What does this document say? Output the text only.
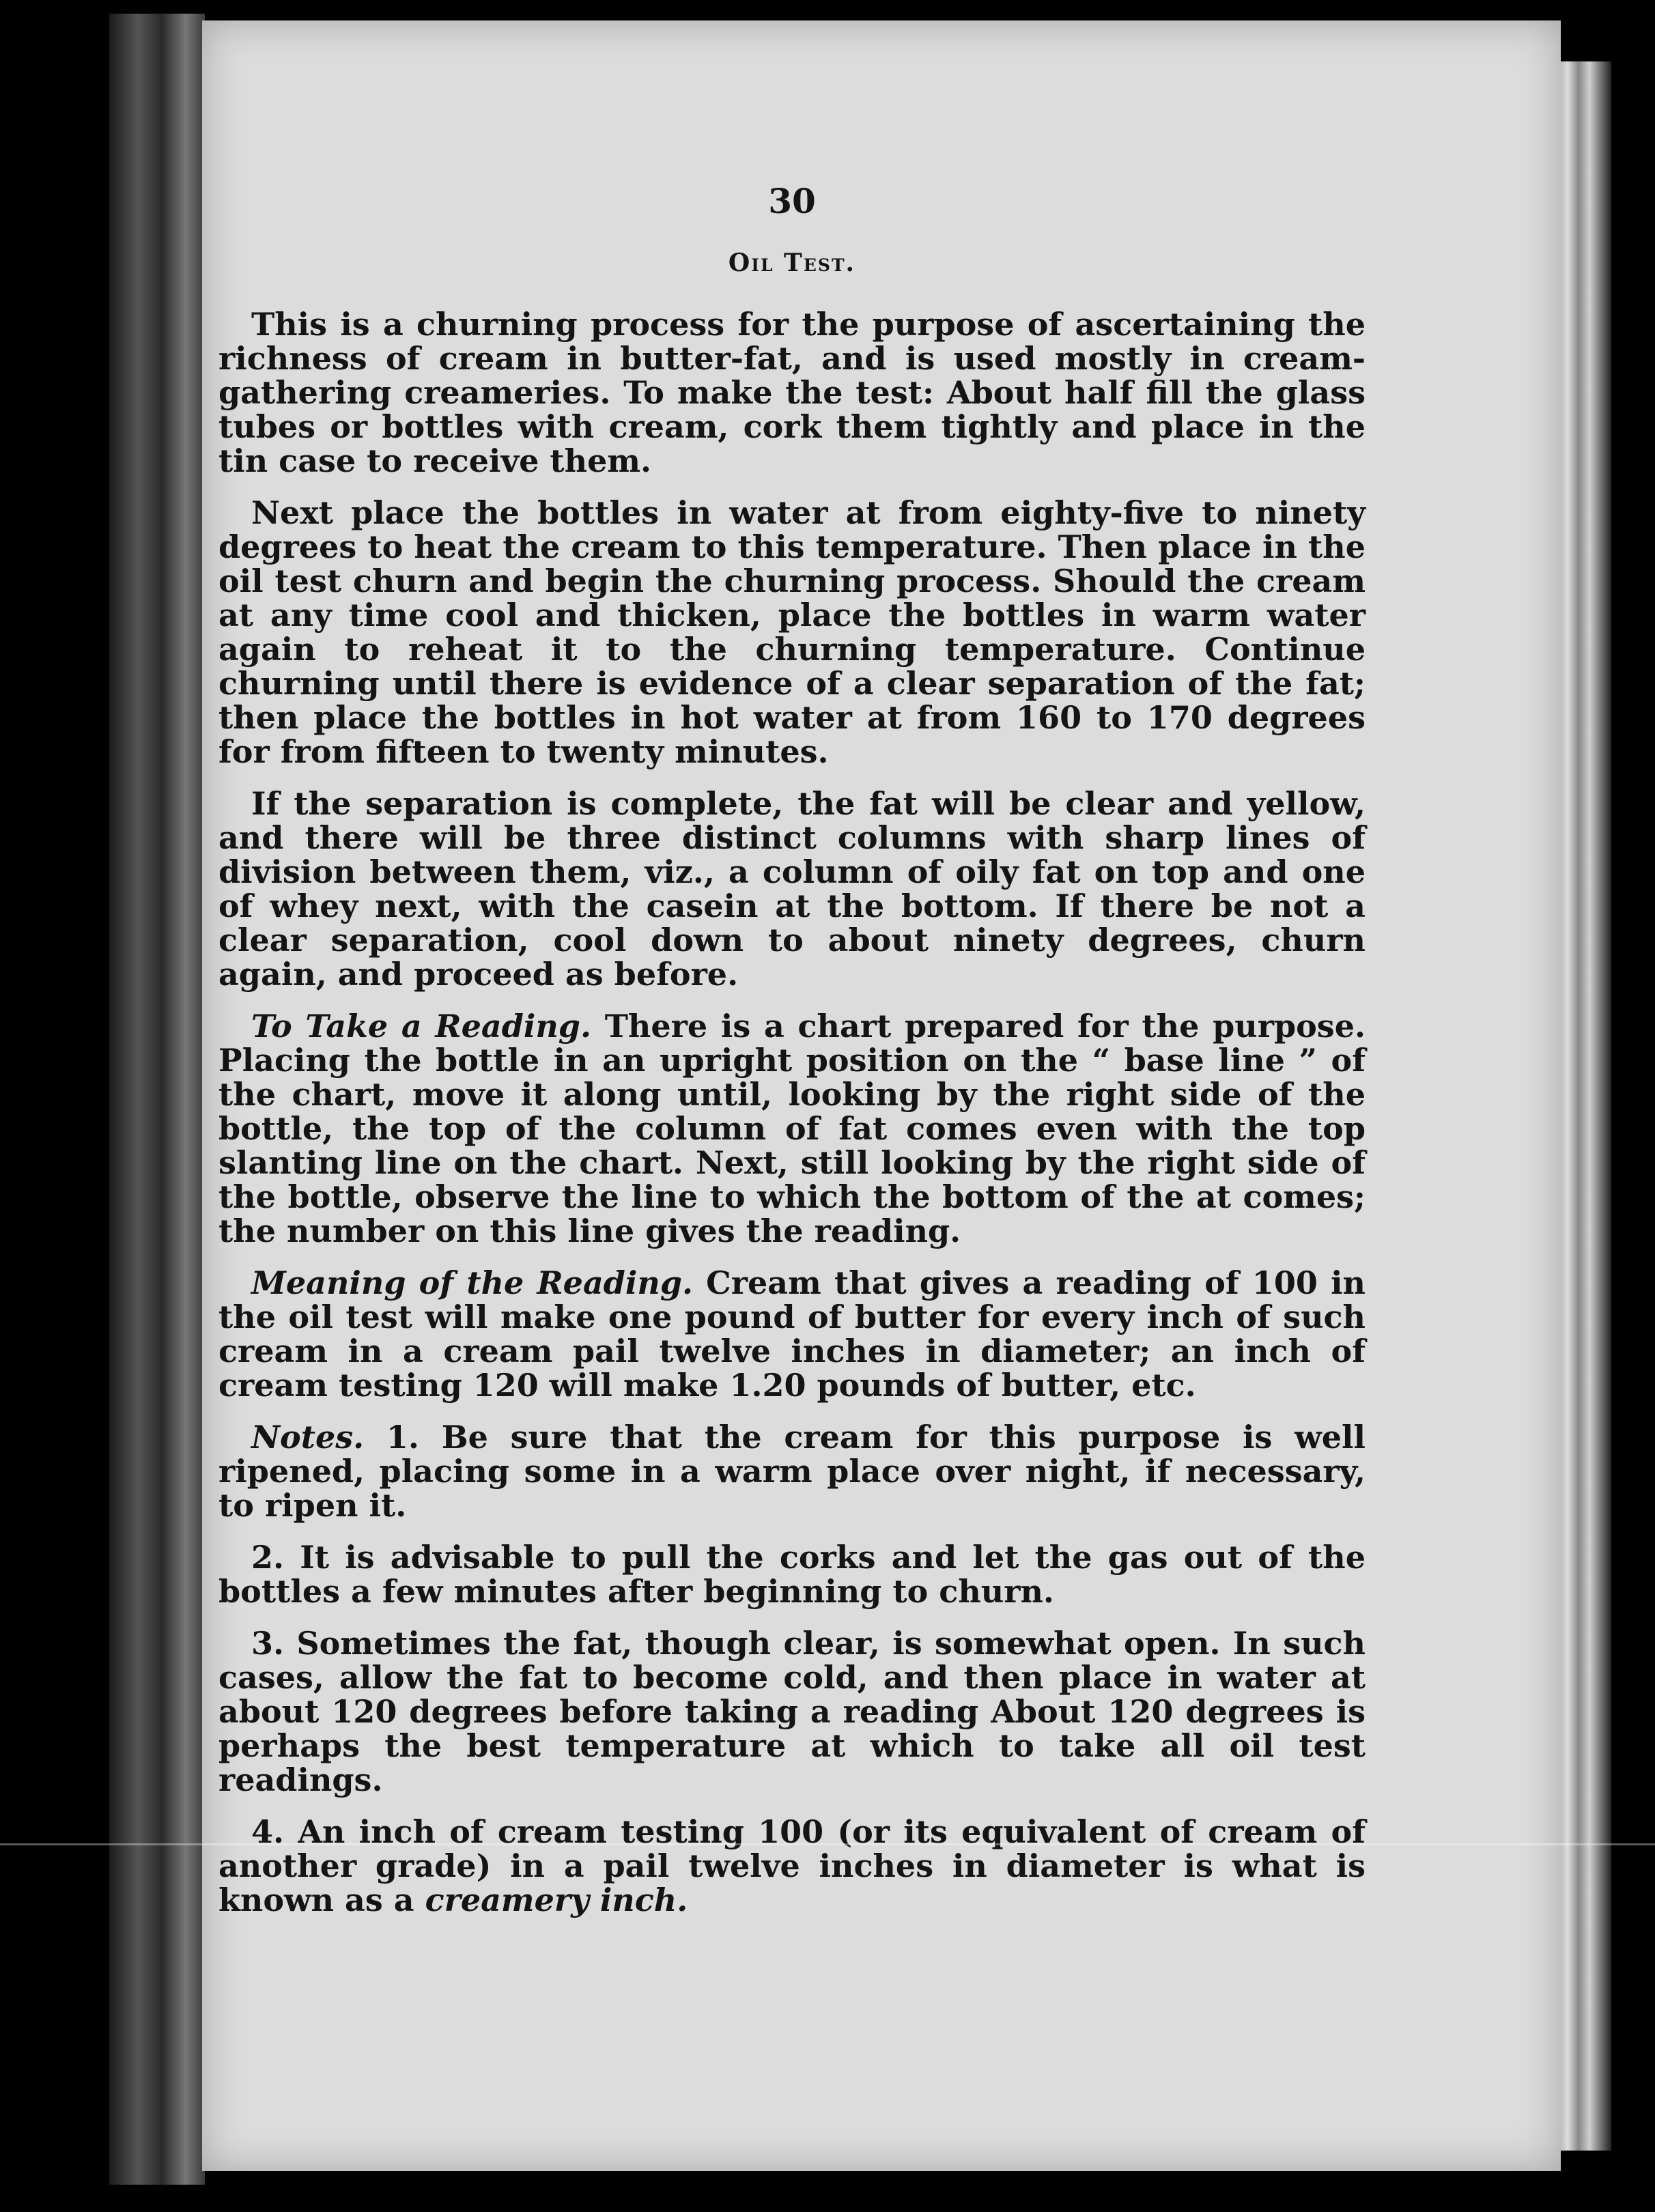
30
Oil Test.

This is a churning process for the purpose of ascertaining the richness of cream in butter-fat, and is used mostly in cream-gathering creameries. To make the test: About half fill the glass tubes or bottles with cream, cork them tightly and place in the tin case to receive them.

Next place the bottles in water at from eighty-five to ninety degrees to heat the cream to this temperature. Then place in the oil test churn and begin the churning process. Should the cream at any time cool and thicken, place the bottles in warm water again to reheat it to the churning temperature. Continue churning until there is evidence of a clear separation of the fat; then place the bottles in hot water at from 160 to 170 degrees for from fifteen to twenty minutes.

If the separation is complete, the fat will be clear and yellow, and there will be three distinct columns with sharp lines of division between them, viz., a column of oily fat on top and one of whey next, with the casein at the bottom. If there be not a clear separation, cool down to about ninety degrees, churn again, and proceed as before.

To Take a Reading. There is a chart prepared for the purpose. Placing the bottle in an upright position on the “ base line ” of the chart, move it along until, looking by the right side of the bottle, the top of the column of fat comes even with the top slanting line on the chart. Next, still looking by the right side of the bottle, observe the line to which the bottom of the at comes; the number on this line gives the reading.

Meaning of the Reading. Cream that gives a reading of 100 in the oil test will make one pound of butter for every inch of such cream in a cream pail twelve inches in diameter; an inch of cream testing 120 will make 1.20 pounds of butter, etc.

Notes. 1. Be sure that the cream for this purpose is well ripened, placing some in a warm place over night, if necessary, to ripen it.

2. It is advisable to pull the corks and let the gas out of the bottles a few minutes after beginning to churn.

3. Sometimes the fat, though clear, is somewhat open. In such cases, allow the fat to become cold, and then place in water at about 120 degrees before taking a reading About 120 degrees is perhaps the best temperature at which to take all oil test readings.

4. An inch of cream testing 100 (or its equivalent of cream of another grade) in a pail twelve inches in diameter is what is known as a creamery inch.
